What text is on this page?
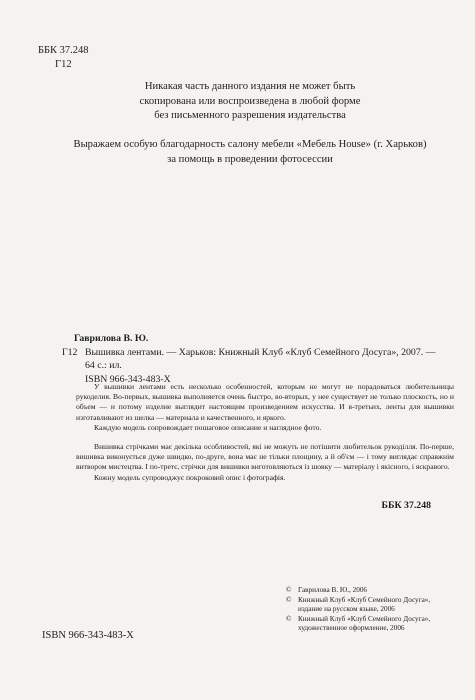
ББК 37.248
Г12
Никакая часть данного издания не может быть
скопирована или воспроизведена в любой форме
без письменного разрешения издательства
Выражаем особую благодарность салону мебели «Мебель House» (г. Харьков)
за помощь в проведении фотосессии
Гаврилова В. Ю.
Г12 Вышивка лентами. — Харьков: Книжный Клуб «Клуб Семейного Досуга», 2007. —
64 с.: ил.
ISBN 966-343-483-X

У вышивки лентами есть несколько особенностей, которым не могут не порадоваться любительницы рукоделия. Во-первых, вышивка выполняется очень быстро, во-вторых, у нее существует не только плоскость, но и объем — и потому изделие выглядит настоящим произведением искусства. И в-третьих, ленты для вышивки изготавливают из шелка — материала и качественного, и яркого.

Каждую модель сопровождает пошаговое описание и наглядное фото.

Вишивка стрічками має декілька особливостей, які не можуть не потішити любительок рукоділля. По-перше, вишивка виконується дуже швидко, по-друге, вона має не тільки площину, а й об'єм — і тому виглядає справжнім витвором мистецтва. І по-третє, стрічки для вишивки виготовляються із шовку — матеріалу і якісного, і яскравого.

Кожну модель супроводжує покроковий опис і фотографія.

ББК 37.248
© Гаврилова В. Ю., 2006
© Книжный Клуб «Клуб Семейного Досуга»,
издание на русском языке, 2006
© Книжный Клуб «Клуб Семейного Досуга»,
художественное оформление, 2006
ISBN 966-343-483-X
